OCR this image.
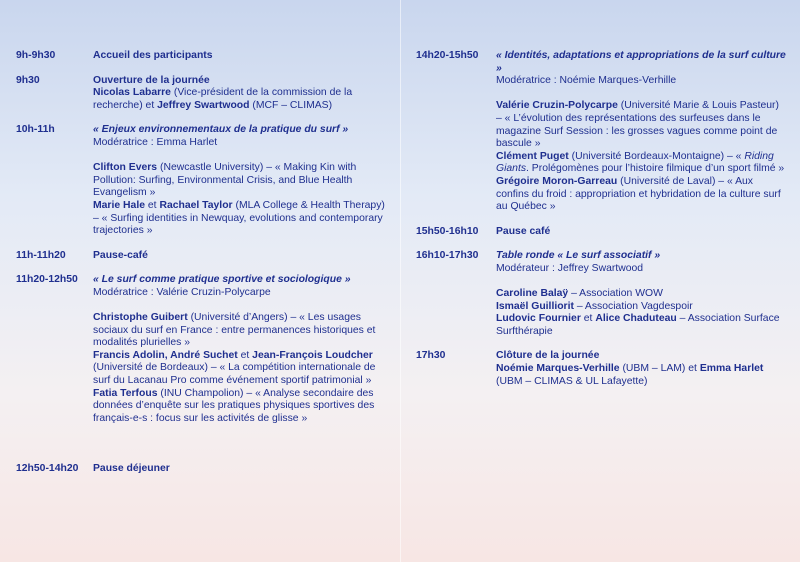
9h-9h30	Accueil des participants
9h30	Ouverture de la journée
Nicolas Labarre (Vice-président de la commission de la recherche) et Jeffrey Swartwood (MCF – CLIMAS)
10h-11h	« Enjeux environnementaux de la pratique du surf »
Modératrice : Emma Harlet
Clifton Evers (Newcastle University) – « Making Kin with Pollution: Surfing, Environmental Crisis, and Blue Health Evangelism »
Marie Hale et Rachael Taylor (MLA College & Health Therapy) – « Surfing identities in Newquay, evolutions and contemporary trajectories »
11h-11h20	Pause-café
11h20-12h50	« Le surf comme pratique sportive et sociologique »
Modératrice : Valérie Cruzin-Polycarpe
Christophe Guibert (Université d’Angers) – « Les usages sociaux du surf en France : entre permanences historiques et modalités plurielles »
Francis Adolin, André Suchet et Jean-François Loudcher (Université de Bordeaux) – « La compétition internationale de surf du Lacanau Pro comme événement sportif patrimonial »
Fatia Terfous (INU Champolion) – « Analyse secondaire des données d’enquête sur les pratiques physiques sportives des français-e-s : focus sur les activités de glisse »
12h50-14h20	Pause déjeuner
14h20-15h50	« Identités, adaptations et appropriations de la surf culture »
Modératrice : Noémie Marques-Verhille
Valérie Cruzin-Polycarpe (Université Marie & Louis Pasteur) – « L’évolution des représentations des surfeuses dans le magazine Surf Session : les grosses vagues comme point de bascule »
Clément Puget (Université Bordeaux-Montaigne) – « Riding Giants. Prolégomènes pour l’histoire filmique d’un sport filmé »
Grégoire Moron-Garreau (Université de Laval) – « Aux confins du froid : appropriation et hybridation de la culture surf au Québec »
15h50-16h10	Pause café
16h10-17h30	Table ronde « Le surf associatif »
Modérateur : Jeffrey Swartwood
Caroline Balaÿ – Association WOW
Ismaël Guilliorit – Association Vagdespoir
Ludovic Fournier et Alice Chaduteau – Association Surface Surfthérapie
17h30	Clôture de la journée
Noémie Marques-Verhille (UBM – LAM) et Emma Harlet (UBM – CLIMAS & UL Lafayette)
